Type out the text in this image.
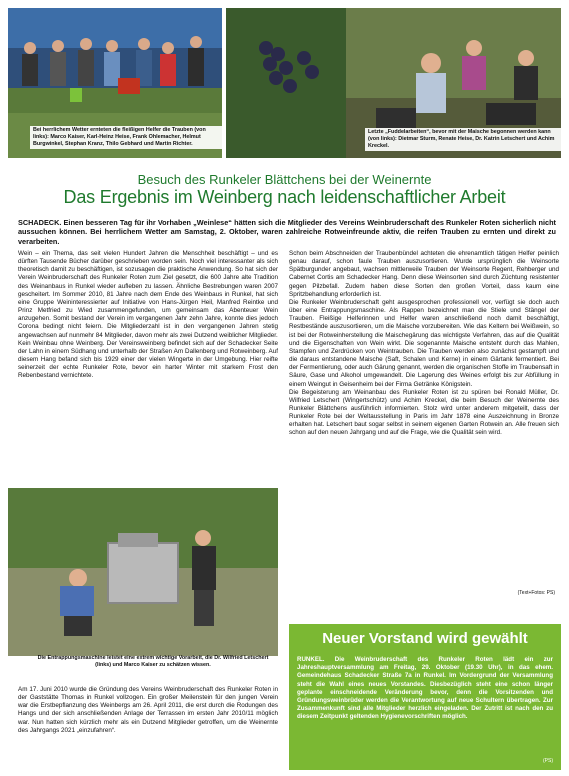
Bei herrlichem Wetter ernteten die fleißigen Helfer die Trauben (von links): Marco Kaiser, Karl-Heinz Heise, Frank Ohlemacher, Helmut Burgwinkel, Stephan Kranz, Thilo Gebhard und Martin Richter.
Letzte „Fuddelarbeiten“, bevor mit der Maische begonnen werden kann (von links): Dietmar Sturm, Renate Heise, Dr. Katrin Letschert und Achim Kreckel.
Besuch des Runkeler Blättchens bei der Weinernte
Das Ergebnis im Weinberg nach leidenschaftlicher Arbeit
SCHADECK. Einen besseren Tag für ihr Vorhaben „Weinlese“ hätten sich die Mitglieder des Vereins Weinbruderschaft des Runkeler Roten sicherlich nicht aussuchen können. Bei herrlichem Wetter am Samstag, 2. Oktober, waren zahlreiche Rotweinfreunde aktiv, die reifen Trauben zu ernten und direkt zu verarbeiten.

Wein – ein Thema, das seit vielen Hundert Jahren die Menschheit beschäftigt – und es dürften Tausende Bücher darüber geschrieben worden sein. Noch viel interessanter als sich theoretisch damit zu beschäftigen, ist sozusagen die praktische Anwendung. So hat sich der Verein Weinbruderschaft des Runkeler Roten zum Ziel gesetzt, die 600 Jahre alte Tradition des Weinanbaus in Runkel wieder aufleben zu lassen. Ähnliche Bestrebungen waren 2007 gescheitert. Im Sommer 2010, 81 Jahre nach dem Ende des Weinbaus in Runkel, hat sich eine Gruppe Weininteressierter auf Initiative von Hans-Jürgen Heil, Manfred Reintke und Prinz Metfried zu Wied zusammengefunden, um gemeinsam das Abenteuer Wein anzugehen. Somit bestand der Verein im vergangenen Jahr zehn Jahre, konnte dies jedoch Corona bedingt nicht feiern. Die Mitgliederzahl ist in den vergangenen Jahren stetig angewachsen auf nunmehr 84 Mitglieder, davon mehr als zwei Dutzend weiblicher Mitglieder.

Kein Weinbau ohne Weinberg. Der Vereinsweinberg befindet sich auf der Schadecker Seite der Lahn in einem Südhang und unterhalb der Straßen Am Dallenberg und Rotweinberg. Auf diesem Hang befand sich bis 1929 einer der vielen Wingerte in der Umgebung. Hier reifte seinerzeit der echte Runkeler Rote, bevor ein harter Winter mit starkem Frost den Rebenbestand vernichtete.

Die Entrappungsmaschine leistet eine extrem wichtige Vorarbeit, die Dr. Wilfried Letschert (links) und Marco Kaiser zu schätzen wissen.

Am 17. Juni 2010 wurde die Gründung des Vereins Weinbruderschaft des Runkeler Roten in der Gaststätte Thomas in Runkel vollzogen. Ein großer Meilenstein für den jungen Verein war die Erstbepflanzung des Weinbergs am 26. April 2011, die erst durch die Rodungen des Hangs und der sich anschließenden Anlage der Terrassen im ersten Jahr 2010/11 möglich war. Nun hatten sich kürzlich mehr als ein Dutzend Mitglieder getroffen, um die Weinernte des Jahrgangs 2021 „einzufahren“.

Schon beim Abschneiden der Traubenbündel achteten die ehrenamtlich tätigen Helfer peinlich genau darauf, schon faule Trauben auszusortieren. Wurde ursprünglich die Weinsorte Spätburgunder angebaut, wachsen mittlerweile Trauben der Weinsorte Regent, Rehberger und Cabernet Cortis am Schadecker Hang. Denn diese Weinsorten sind durch Züchtung resistenter gegen Pilzbefall. Zudem haben diese Sorten den großen Vorteil, dass kaum eine Spritzbehandlung erforderlich ist.

Die Runkeler Weinbruderschaft geht ausgesprochen professionell vor, verfügt sie doch auch über eine Entrappungsmaschine. Als Rappen bezeichnet man die Stiele und Stängel der Trauben. Fleißige Helferinnen und Helfer waren anschließend noch damit beschäftigt, Restbestände auszusortieren, um die Maische vorzubereiten. Wie das Keltern bei Weißwein, so ist bei der Rotweinherstellung die Maischegärung das wichtigste Verfahren, das auf die Qualität und die Eigenschaften von Wein wirkt. Die sogenannte Maische entsteht durch das Mahlen, Stampfen und Zerdrücken von Weintrauben. Die Trauben werden also zunächst gestampft und die daraus entstandene Maische (Saft, Schalen und Kerne) in einem Gärtank fermentiert. Bei der Fermentierung, oder auch Gärung genannt, werden die organischen Stoffe im Traubensaft in Säure, Gase und Alkohol umgewandelt. Die Lagerung des Weines erfolgt bis zur Abfüllung in einem Weingut in Geisenheim bei der Firma Getränke Königstein.

Die Begeisterung am Weinanbau des Runkeler Roten ist zu spüren bei Ronald Müller, Dr. Wilfried Letschert (Wingertschütz) und Achim Kreckel, die beim Besuch der Weinernte des Runkeler Blättchens ausführlich informierten. Stolz wird unter anderem mitgeteilt, dass der Runkeler Rote bei der Weltausstellung in Paris im Jahr 1878 eine Auszeichnung in Bronze erhalten hat. Letschert baut sogar selbst in seinem eigenen Garten Rotwein an. Alle freuen sich schon auf den neuen Jahrgang und auf die Frage, wie die Qualität sein wird.

(Text+Fotos: PS)
Neuer Vorstand wird gewählt
RUNKEL. Die Weinbruderschaft des Runkeler Roten lädt ein zur Jahreshauptversammlung am Freitag, 29. Oktober (19.30 Uhr), in das ehem. Gemeindehaus Schadecker Straße 7a in Runkel. Im Vordergrund der Versammlung steht die Wahl eines neues Vorstandes. Diesbezüglich steht eine schon länger geplante einschneidende Veränderung bevor, denn die Vorsitzenden und Gründungsweinbrüder werden die Verantwortung auf neue Schultern übertragen. Zur Zusammenkunft sind alle Mitglieder herzlich eingeladen. Der Zutritt ist nach den zu diesem Zeitpunkt geltenden Hygienevorschriften möglich.
(PS)
